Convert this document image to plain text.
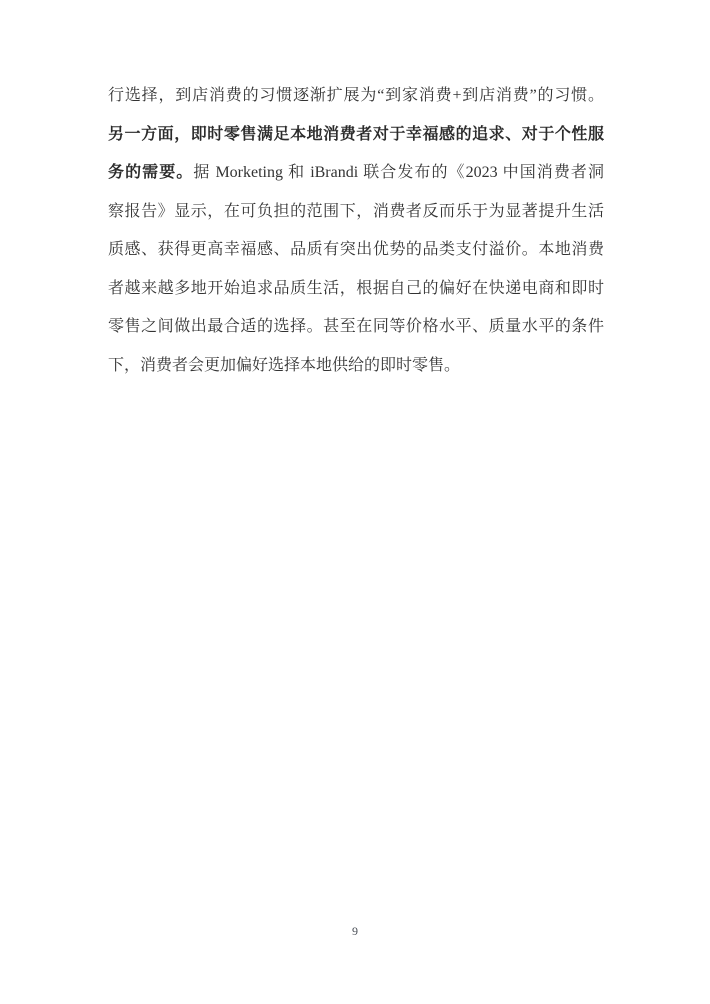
行选择，到店消费的习惯逐渐扩展为“到家消费+到店消费”的习惯。
另一方面，即时零售满足本地消费者对于幸福感的追求、对于个性服
务的需要。据 Morketing 和 iBrandi 联合发布的《2023 中国消费者洞
察报告》显示，在可负担的范围下，消费者反而乐于为显著提升生活
质感、获得更高幸福感、品质有突出优势的品类支付溢价。本地消费
者越来越多地开始追求品质生活，根据自己的偏好在快递电商和即时
零售之间做出最合适的选择。甚至在同等价格水平、质量水平的条件
下，消费者会更加偏好选择本地供给的即时零售。
9
